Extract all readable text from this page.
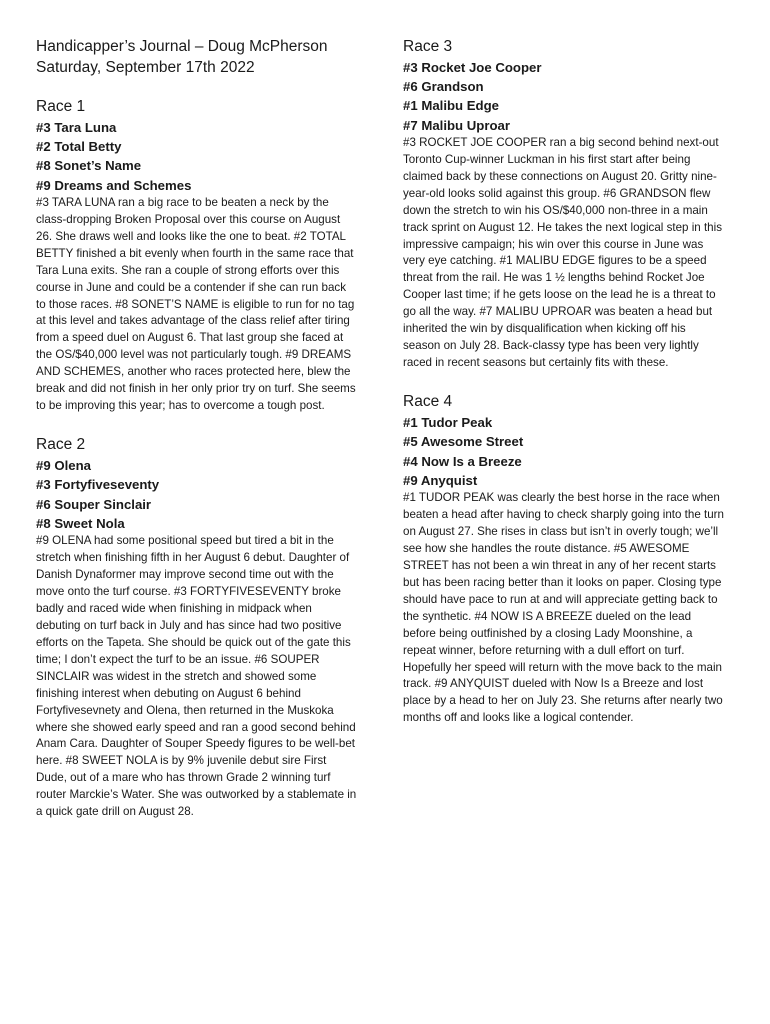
Handicapper’s Journal – Doug McPherson
Saturday, September 17th 2022
Race 1
#3 Tara Luna
#2 Total Betty
#8 Sonet’s Name
#9 Dreams and Schemes

#3 TARA LUNA ran a big race to be beaten a neck by the class-dropping Broken Proposal over this course on August 26. She draws well and looks like the one to beat. #2 TOTAL BETTY finished a bit evenly when fourth in the same race that Tara Luna exits. She ran a couple of strong efforts over this course in June and could be a contender if she can run back to those races. #8 SONET’S NAME is eligible to run for no tag at this level and takes advantage of the class relief after tiring from a speed duel on August 6. That last group she faced at the OS/$40,000 level was not particularly tough. #9 DREAMS AND SCHEMES, another who races protected here, blew the break and did not finish in her only prior try on turf. She seems to be improving this year; has to overcome a tough post.

Race 2
#9 Olena
#3 Fortyfiveseventy
#6 Souper Sinclair
#8 Sweet Nola

#9 OLENA had some positional speed but tired a bit in the stretch when finishing fifth in her August 6 debut. Daughter of Danish Dynaformer may improve second time out with the move onto the turf course. #3 FORTYFIVESEVENTY broke badly and raced wide when finishing in midpack when debuting on turf back in July and has since had two positive efforts on the Tapeta. She should be quick out of the gate this time; I don’t expect the turf to be an issue. #6 SOUPER SINCLAIR was widest in the stretch and showed some finishing interest when debuting on August 6 behind Fortyfivesevnety and Olena, then returned in the Muskoka where she showed early speed and ran a good second behind Anam Cara. Daughter of Souper Speedy figures to be well-bet here. #8 SWEET NOLA is by 9% juvenile debut sire First Dude, out of a mare who has thrown Grade 2 winning turf router Marckie’s Water. She was outworked by a stablemate in a quick gate drill on August 28.

Race 3
#3 Rocket Joe Cooper
#6 Grandson
#1 Malibu Edge
#7 Malibu Uproar

#3 ROCKET JOE COOPER ran a big second behind next-out Toronto Cup-winner Luckman in his first start after being claimed back by these connections on August 20. Gritty nine-year-old looks solid against this group. #6 GRANDSON flew down the stretch to win his OS/$40,000 non-three in a main track sprint on August 12. He takes the next logical step in this impressive campaign; his win over this course in June was very eye catching. #1 MALIBU EDGE figures to be a speed threat from the rail. He was 1 ½ lengths behind Rocket Joe Cooper last time; if he gets loose on the lead he is a threat to go all the way. #7 MALIBU UPROAR was beaten a head but inherited the win by disqualification when kicking off his season on July 28. Back-classy type has been very lightly raced in recent seasons but certainly fits with these.

Race 4
#1 Tudor Peak
#5 Awesome Street
#4 Now Is a Breeze
#9 Anyquist

#1 TUDOR PEAK was clearly the best horse in the race when beaten a head after having to check sharply going into the turn on August 27. She rises in class but isn’t in overly tough; we’ll see how she handles the route distance. #5 AWESOME STREET has not been a win threat in any of her recent starts but has been racing better than it looks on paper. Closing type should have pace to run at and will appreciate getting back to the synthetic. #4 NOW IS A BREEZE dueled on the lead before being outfinished by a closing Lady Moonshine, a repeat winner, before returning with a dull effort on turf. Hopefully her speed will return with the move back to the main track. #9 ANYQUIST dueled with Now Is a Breeze and lost place by a head to her on July 23. She returns after nearly two months off and looks like a logical contender.
